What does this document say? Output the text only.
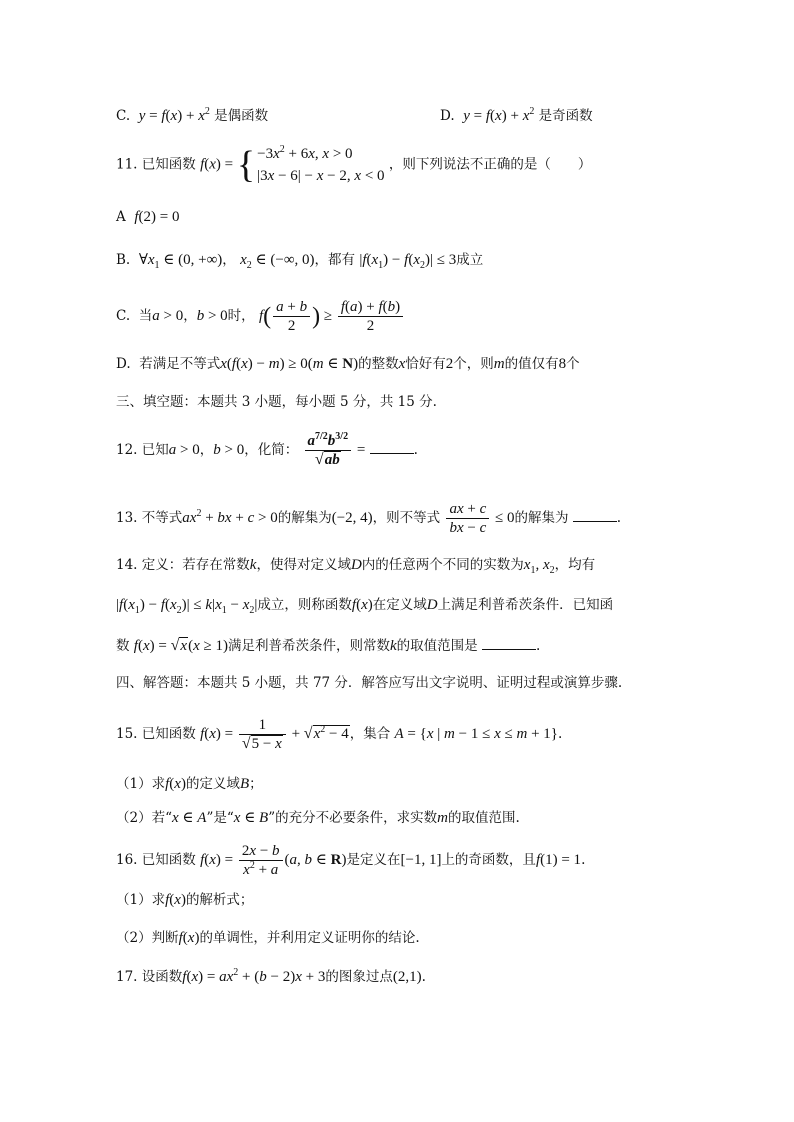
C. $y = f(x) + x^2$ 是偶函数	D. $y = f(x) + x^2$ 是奇函数
11. 已知函数 f(x) = { $-3x^2 + 6x$, x > 0
|3x − 6| − x − 2, x < 0 ，则下列说法不正确的是（　　）
A f(2) = 0
B. $\forall x_1$ ∈ (0, +∞)， $x_2$ ∈ (−∞, 0)，都有 $|f(x_1) - f(x_2)| \le 3$成立
C. 当a > 0，b > 0时， $f( \frac{a + b}{2}$ ) ≥ $\frac{f(a) + f(b)}{2}$
D. 若满足不等式x(f(x) − m) ≥ 0(m ∈ N)的整数x恰好有2个，则m的值仅有8个
三、填空题：本题共 3 小题，每小题 5 分，共 15 分.
12. 已知a > 0，b > 0，化简： $\frac{a^{7/2}b^{3/2}}{√ab}$ =	.
13. 不等式$ax^2$ + bx + c > 0的解集为(−2, 4)，则不等式 $\frac{ax + c}{bx - c} \le 0$的解集为	.
14. 定义：若存在常数k，使得对定义域D内的任意两个不同的实数为$x_1$, $x_2$，均有
$|f(x_1) - f(x_2)| \le k|x_1 - x_2|$成立，则称函数f(x)在定义域D上满足利普希茨条件．已知函
数 f(x) = √x(x ≥ 1)满足利普希茨条件，则常数k的取值范围是	.
四、解答题：本题共 5 小题，共 77 分．解答应写出文字说明、证明过程或演算步骤.
15. 已知函数 $f(x) = \frac{1}{√5 - x} + √x^2 - 4$，集合 A = {x | m − 1 ≤ x ≤ m + 1}.
（1）求f(x)的定义域B；
（2）若“x ∈ A”是“x ∈ B”的充分不必要条件，求实数m的取值范围.
16. 已知函数 $f(x) = \frac{2x - b}{x^2 + a} (a$, b ∈ R)是定义在[−1, 1]上的奇函数，且f(1) = 1.
（1）求f(x)的解析式；
（2）判断f(x)的单调性，并利用定义证明你的结论.
17. 设函数$f(x) = ax^2 + (b - 2)x + 3$的图象过点(2,1).
